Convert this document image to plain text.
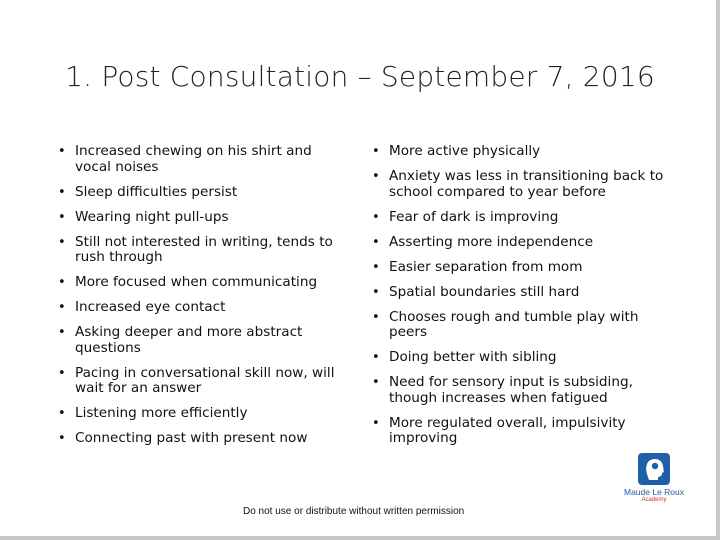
1. Post Consultation – September 7, 2016
• Increased chewing on his shirt and vocal noises
• Sleep difficulties persist
• Wearing night pull-ups
• Still not interested in writing, tends to rush through
• More focused when communicating
• Increased eye contact
• Asking deeper and more abstract questions
• Pacing in conversational skill now, will wait for an answer
• Listening more efficiently
• Connecting past with present now
• More active physically
• Anxiety was less in transitioning back to school compared to year before
• Fear of dark is improving
• Asserting more independence
• Easier separation from mom
• Spatial boundaries still hard
• Chooses rough and tumble play with peers
• Doing better with sibling
• Need for sensory input is subsiding, though increases when fatigued
• More regulated overall, impulsivity improving
Maude Le Roux
Academy
Do not use or distribute without written permission
